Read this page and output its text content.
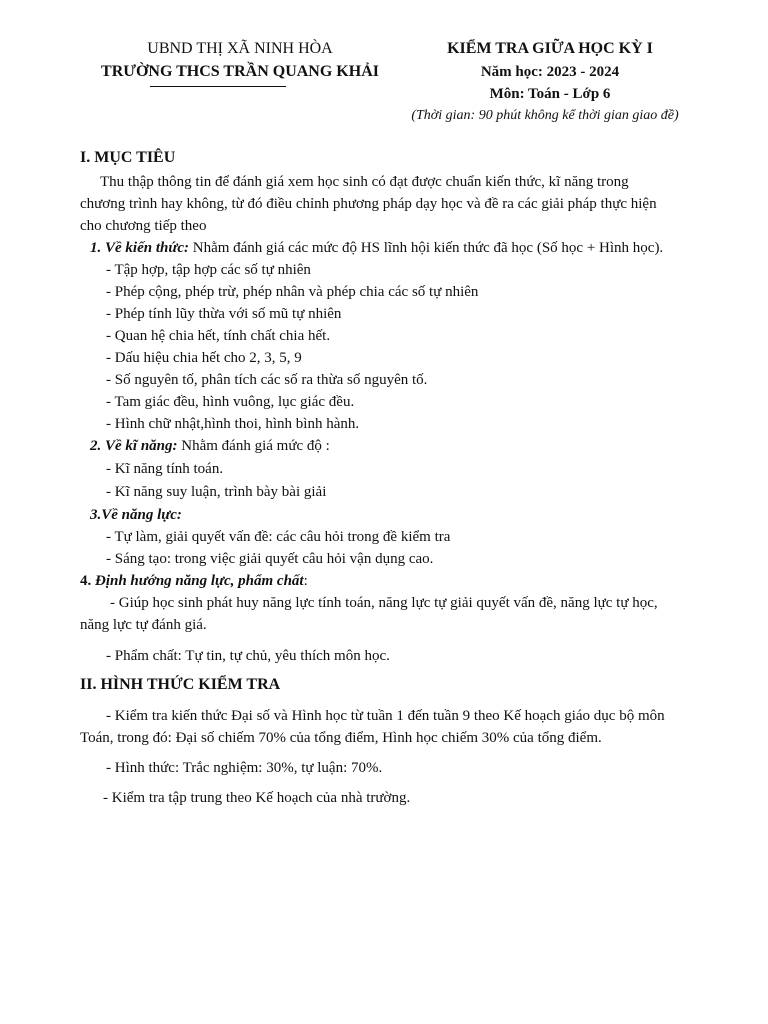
UBND THỊ XÃ NINH HÒA
TRƯỜNG THCS TRẦN QUANG KHẢI
KIỂM TRA GIỮA HỌC KỲ I
Năm học: 2023 - 2024
Môn: Toán - Lớp 6
(Thời gian: 90 phút không kể thời gian giao đề)
I. MỤC TIÊU
Thu thập thông tin để đánh giá xem học sinh có đạt được chuẩn kiến thức, kĩ năng trong
chương trình hay không, từ đó điều chỉnh phương pháp dạy học và đề ra các giải pháp thực hiện
cho chương tiếp theo
1. Về kiến thức: Nhằm đánh giá các mức độ HS lĩnh hội kiến thức đã học (Số học + Hình học).
- Tập hợp, tập hợp các số tự nhiên
- Phép cộng, phép trừ, phép nhân và phép chia các số tự nhiên
- Phép tính lũy thừa với số mũ tự nhiên
- Quan hệ chia hết, tính chất chia hết.
- Dấu hiệu chia hết cho 2, 3, 5, 9
- Số nguyên tố, phân tích các số ra thừa số nguyên tố.
- Tam giác đều, hình vuông, lục giác đều.
- Hình chữ nhật,hình thoi, hình bình hành.
2. Về kĩ năng: Nhằm đánh giá mức độ :
- Kĩ năng tính toán.
- Kĩ năng suy luận, trình bày bài giải
3.Về năng lực:
- Tự làm, giải quyết vấn đề: các câu hỏi trong đề kiểm tra
- Sáng tạo: trong việc giải quyết câu hỏi vận dụng cao.
4. Định hướng năng lực, phẩm chất:
- Giúp học sinh phát huy năng lực tính toán, năng lực tự giải quyết vấn đề, năng lực tự học,
năng lực tự đánh giá.
- Phẩm chất: Tự tin, tự chủ, yêu thích môn học.
II. HÌNH THỨC KIỂM TRA
- Kiểm tra kiến thức Đại số và Hình học từ tuần 1 đến tuần 9 theo Kế hoạch giáo dục bộ môn
Toán, trong đó: Đại số chiếm 70% của tổng điểm, Hình học chiếm 30% của tổng điểm.
- Hình thức: Trắc nghiệm: 30%, tự luận: 70%.
- Kiểm tra tập trung theo Kế hoạch của nhà trường.
